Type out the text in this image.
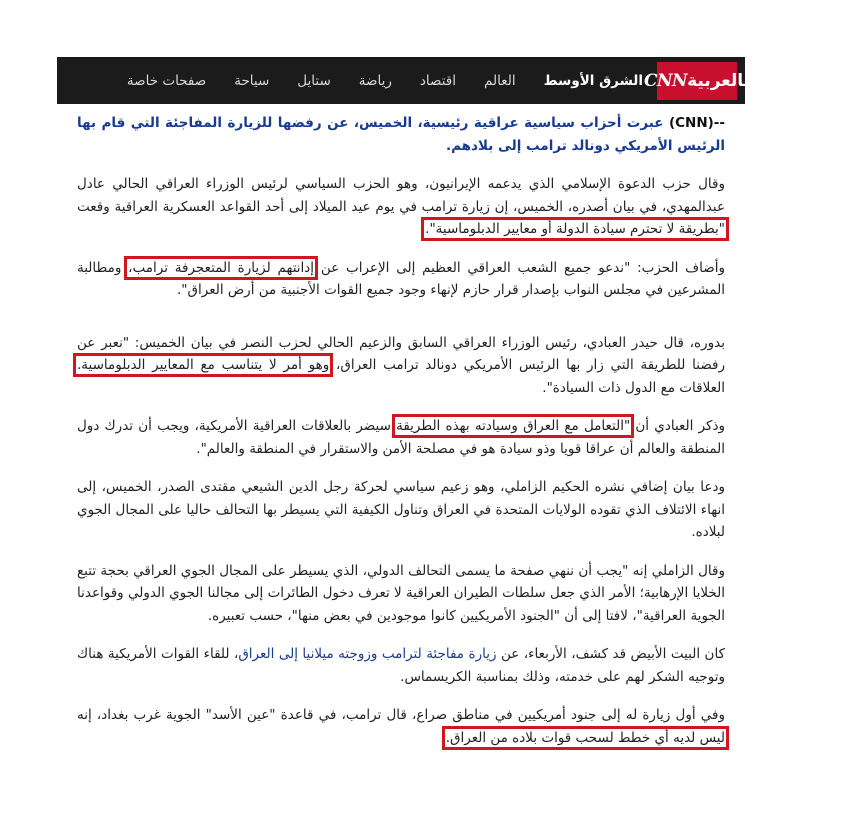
بالعربية
CNN
الشرق الأوسط
العالم
اقتصاد
رياضة
ستايل
سياحة
صفحات خاصة

(CNN)-- عبرت أحزاب سياسية عراقية رئيسية، الخميس، عن رفضها للزيارة المفاجئة التي قام بها الرئيس الأمريكي دونالد ترامب إلى بلادهم.

وقال حزب الدعوة الإسلامي الذي يدعمه الإيرانيون، وهو الحزب السياسي لرئيس الوزراء العراقي الحالي عادل عبدالمهدي، في بيان أصدره، الخميس، إن زيارة ترامب في يوم عيد الميلاد إلى أحد القواعد العسكرية العراقية وقعت "بطريقة لا تحترم سيادة الدولة أو معايير الدبلوماسية".

وأضاف الحزب: "ندعو جميع الشعب العراقي العظيم إلى الإعراب عن إدانتهم لزيارة المتعجرفة ترامب، ومطالبة المشرعين في مجلس النواب بإصدار قرار حازم لإنهاء وجود جميع القوات الأجنبية من أرض العراق".

بدوره، قال حيدر العبادي، رئيس الوزراء العراقي السابق والزعيم الحالي لحزب النصر في بيان الخميس: "نعبر عن رفضنا للطريقة التي زار بها الرئيس الأمريكي دونالد ترامب العراق، وهو أمر لا يتناسب مع المعايير الدبلوماسية. العلاقات مع الدول ذات السيادة".

وذكر العبادي أن "التعامل مع العراق وسيادته بهذه الطريقة سيضر بالعلاقات العراقية الأمريكية، ويجب أن تدرك دول المنطقة والعالم أن عراقا قويا وذو سيادة هو في مصلحة الأمن والاستقرار في المنطقة والعالم".

ودعا بيان إضافي نشره الحكيم الزاملي، وهو زعيم سياسي لحركة رجل الدين الشيعي مقتدى الصدر، الخميس، إلى انهاء الائتلاف الذي تقوده الولايات المتحدة في العراق وتناول الكيفية التي يسيطر بها التحالف حاليا على المجال الجوي لبلاده.

وقال الزاملي إنه "يجب أن ننهي صفحة ما يسمى التحالف الدولي، الذي يسيطر على المجال الجوي العراقي بحجة تتبع الخلايا الإرهابية؛ الأمر الذي جعل سلطات الطيران العراقية لا تعرف دخول الطائرات إلى مجالنا الجوي الدولي وقواعدنا الجوية العراقية"، لافتا إلى أن "الجنود الأمريكيين كانوا موجودين في بعض منها"، حسب تعبيره.

كان البيت الأبيض قد كشف، الأربعاء، عن زيارة مفاجئة لترامب وزوجته ميلانيا إلى العراق، للقاء القوات الأمريكية هناك وتوجيه الشكر لهم على خدمته، وذلك بمناسبة الكريسماس.

وفي أول زيارة له إلى جنود أمريكيين في مناطق صراع، قال ترامب، في قاعدة "عين الأسد" الجوية غرب بغداد، إنه ليس لديه أي خطط لسحب قوات بلاده من العراق.
